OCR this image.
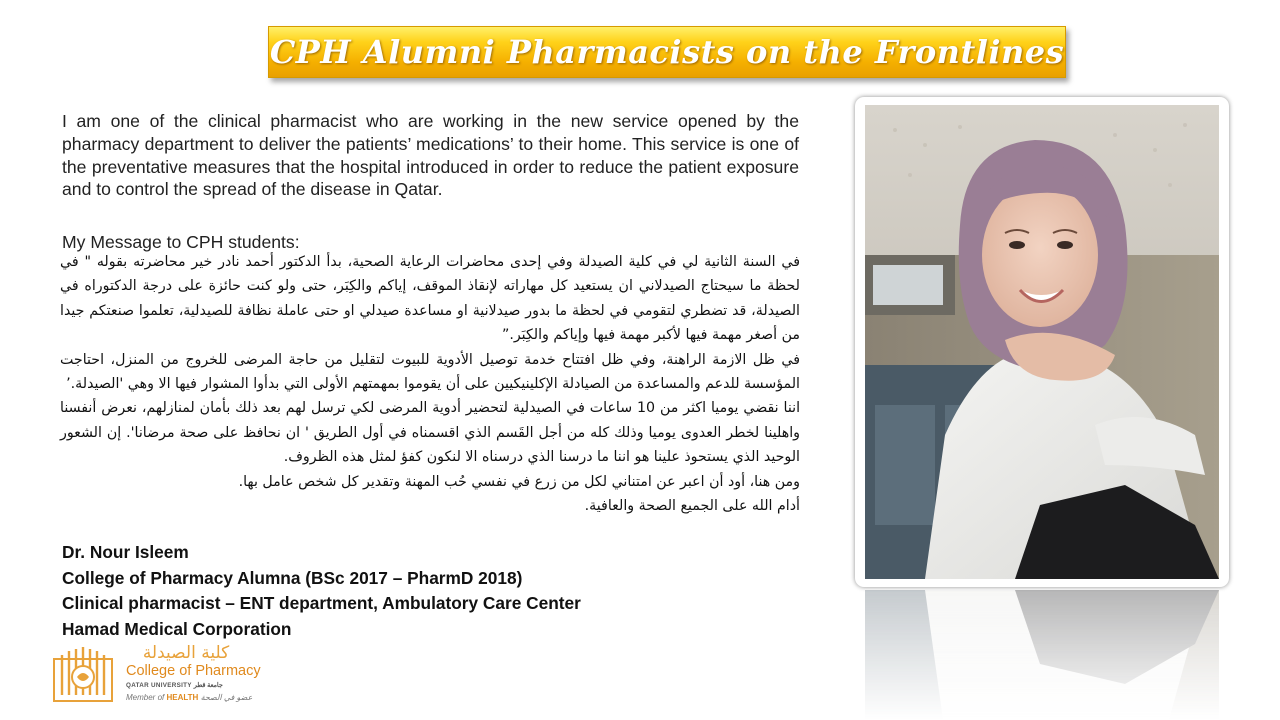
CPH Alumni Pharmacists on the Frontlines

I am one of the clinical pharmacist who are working in the new service opened by the pharmacy department to deliver the patients’ medications’ to their home. This service is one of the preventative measures that the hospital introduced in order to reduce the patient exposure and to control the spread of the disease in Qatar.

My Message to CPH students:

في السنة الثانية لي في كلية الصيدلة وفي إحدى محاضرات الرعاية الصحية، بدأ الدكتور أحمد نادر خير محاضرته بقوله " في لحظة ما سيحتاج الصيدلاني ان يستعيد كل مهاراته لإنقاذ الموقف، إياكم والكِبَر، حتى ولو كنت حائزة على درجة الدكتوراه في الصيدلة، قد تضطري لتقومي في لحظة ما بدور صيدلانية او مساعدة صيدلي او حتى عاملة نظافة للصيدلية، تعلموا صنعتكم جيدا من أصغر مهمة فيها لأكبر مهمة فيها وإياكم والكِبَر.”

في ظل الازمة الراهنة، وفي ظل افتتاح خدمة توصيل الأدوية للبيوت لتقليل من حاجة المرضى للخروج من المنزل، احتاجت المؤسسة للدعم والمساعدة من الصيادلة الإكلينيكيين على أن يقوموا بمهمتهم الأولى التي بدأوا المشوار فيها الا وهي 'الصيدلة.’

اننا نقضي يوميا اكثر من 10 ساعات في الصيدلية لتحضير أدوية المرضى لكي ترسل لهم بعد ذلك بأمان لمنازلهم، نعرض أنفسنا واهلينا لخطر العدوى يوميا وذلك كله من أجل القَسم الذي اقسمناه في أول الطريق ' ان نحافظ على صحة مرضانا'. إن الشعور الوحيد الذي يستحوذ علينا هو اننا ما درسنا الذي درسناه الا لنكون كفؤ لمثل هذه الظروف.

ومن هنا، أود أن اعبر عن امتناني لكل من زرع في نفسي حُب المهنة وتقدير كل شخص عامل بها.

أدام الله على الجميع الصحة والعافية.

Dr. Nour Isleem
College of Pharmacy Alumna (BSc 2017 – PharmD 2018)
Clinical pharmacist – ENT department, Ambulatory Care Center
Hamad Medical Corporation
كلية الصيدلة
College of Pharmacy
QATAR UNIVERSITY جامعة قطر
Member of HEALTH عضو في الصحة
